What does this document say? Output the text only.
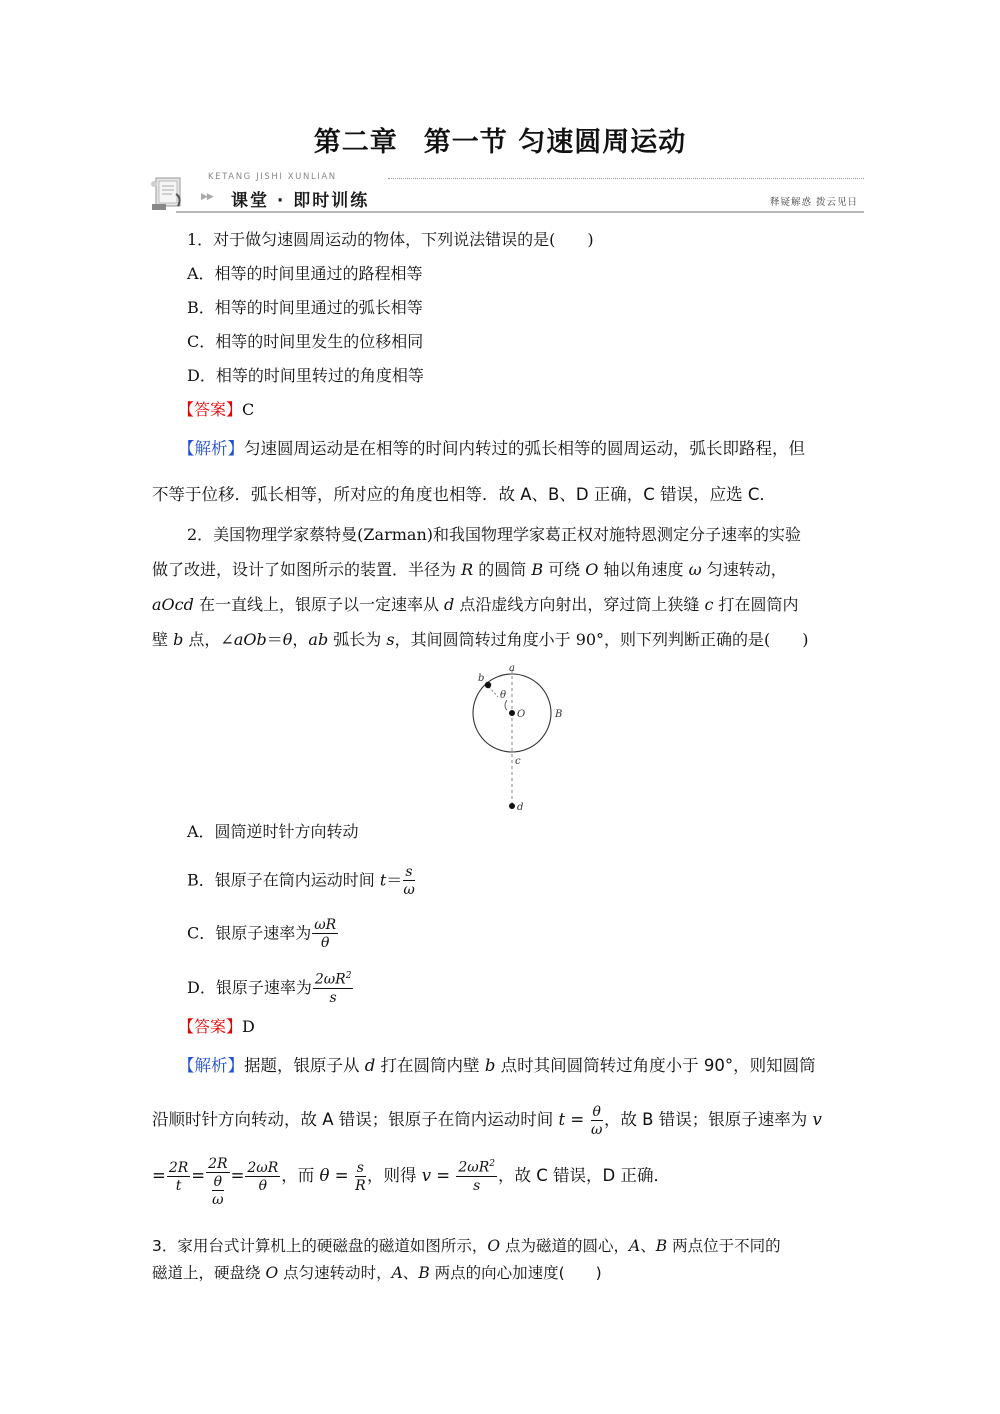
第二章 第一节 匀速圆周运动
KETANG JISHI XUNLIAN
▶▶ 课堂 · 即时训练	释疑解惑 拨云见日
1．对于做匀速圆周运动的物体，下列说法错误的是(　　)
A．相等的时间里通过的路程相等
B．相等的时间里通过的弧长相等
C．相等的时间里发生的位移相同
D．相等的时间里转过的角度相等
【答案】C
【解析】匀速圆周运动是在相等的时间内转过的弧长相等的圆周运动，弧长即路程，但
不等于位移．弧长相等，所对应的角度也相等．故 A、B、D 正确，C 错误，应选 C．
2．美国物理学家蔡特曼(Zarman)和我国物理学家葛正权对施特恩测定分子速率的实验
做了改进，设计了如图所示的装置．半径为 R 的圆筒 B 可绕 O 轴以角速度 ω 匀速转动，
aOcd 在一直线上，银原子以一定速率从 d 点沿虚线方向射出，穿过筒上狭缝 c 打在圆筒内
壁 b 点，∠aOb＝θ，ab 弧长为 s，其间圆筒转过角度小于 90°，则下列判断正确的是(　　)
a
b
θ
O	B
c
d
A．圆筒逆时针方向转动
B．银原子在筒内运动时间 $t= \frac{s}{\omega}$
C．银原子速率为 $\frac{\omega R}{\theta}$
D．银原子速率为 $\frac{2\omega R^2}{s}$
【答案】D
【解析】据题，银原子从 d 打在圆筒内壁 b 点时其间圆筒转过角度小于 90°，则知圆筒
沿顺时针方向转动，故 A 错误；银原子在筒内运动时间 $t = \frac{\theta}{\omega}$ ，故 B 错误；银原子速率为 v
= $\frac{2R}{t} = \frac{2R}{\frac{\theta}{\omega}} = \frac{2\omega R}{\theta}$ ，而 $\theta = \frac{s}{R}$ ，则得 $v = \frac{2\omega R^2}{s}$ ，故 C 错误，D 正确．
3．家用台式计算机上的硬磁盘的磁道如图所示，O 点为磁道的圆心，A、B 两点位于不同的
磁道上，硬盘绕 O 点匀速转动时，A、B 两点的向心加速度(　　)
